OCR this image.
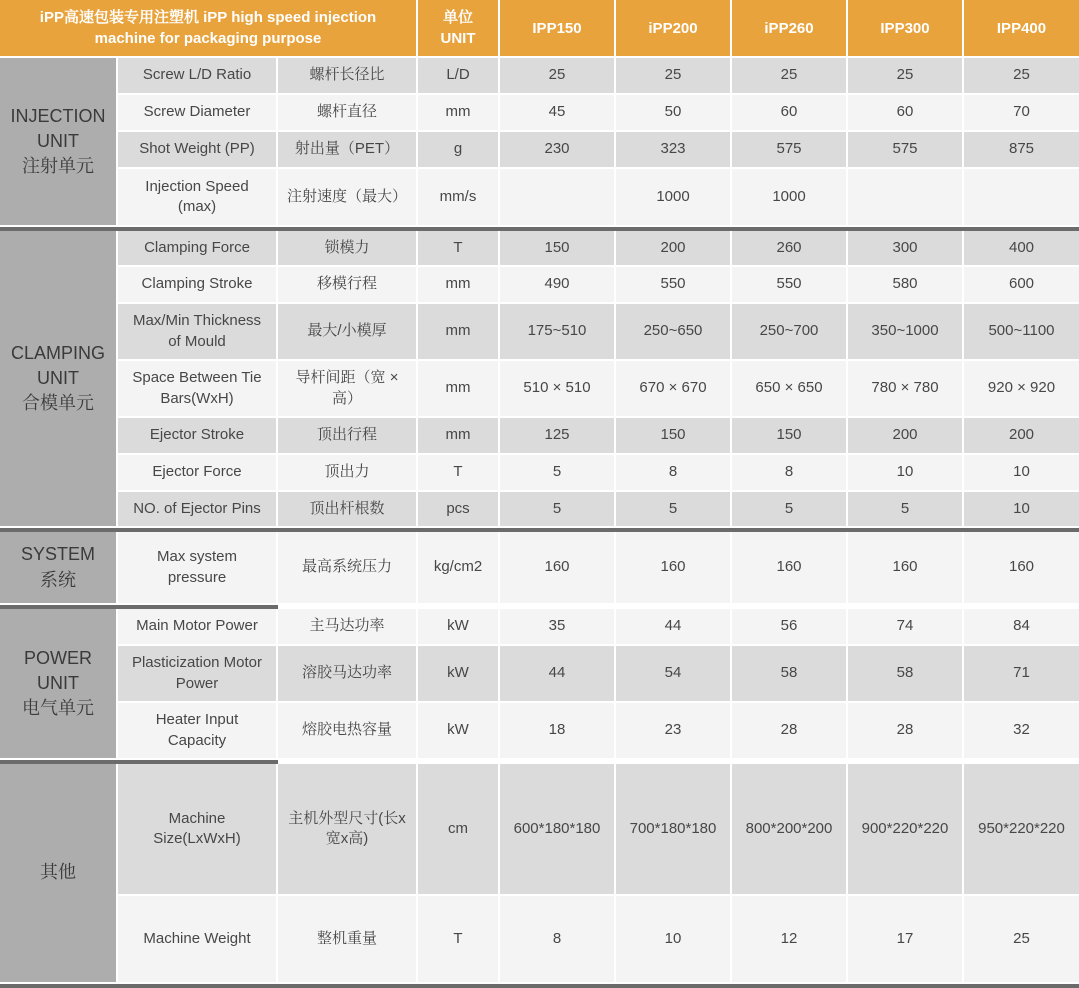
iPP高速包装专用注塑机 iPP high speed injection machine for packaging purpose			单位
UNIT	IPP150	iPP200	iPP260	IPP300	IPP400

INJECTION UNIT
注射单元	Screw L/D Ratio	螺杆长径比	L/D	25	25	25	25	25
	Screw Diameter	螺杆直径	mm	45	50	60	60	70
	Shot Weight (PP)	射出量（PET）	g	230	323	575	575	875
	Injection Speed (max)	注射速度（最大）	mm/s		1000	1000		

CLAMPING UNIT
合模单元	Clamping Force	锁模力	T	150	200	260	300	400
	Clamping Stroke	移模行程	mm	490	550	550	580	600
	Max/Min Thickness of Mould	最大/小模厚	mm	175~510	250~650	250~700	350~1000	500~1100
	Space Between Tie Bars(WxH)	导杆间距（宽 × 高）	mm	510 × 510	670 × 670	650 × 650	780 × 780	920 × 920
	Ejector Stroke	顶出行程	mm	125	150	150	200	200
	Ejector Force	顶出力	T	5	8	8	10	10
	NO. of Ejector Pins	顶出杆根数	pcs	5	5	5	5	10

SYSTEM
系统	Max system pressure	最高系统压力	kg/cm2	160	160	160	160	160

POWER UNIT
电气单元	Main Motor Power	主马达功率	kW	35	44	56	74	84
	Plasticization Motor Power	溶胶马达功率	kW	44	54	58	58	71
	Heater Input Capacity	熔胶电热容量	kW	18	23	28	28	32

其他	Machine Size(LxWxH)	主机外型尺寸(长x宽x高)	cm	600*180*180	700*180*180	800*200*200	900*220*220	950*220*220
	Machine Weight	整机重量	T	8	10	12	17	25
